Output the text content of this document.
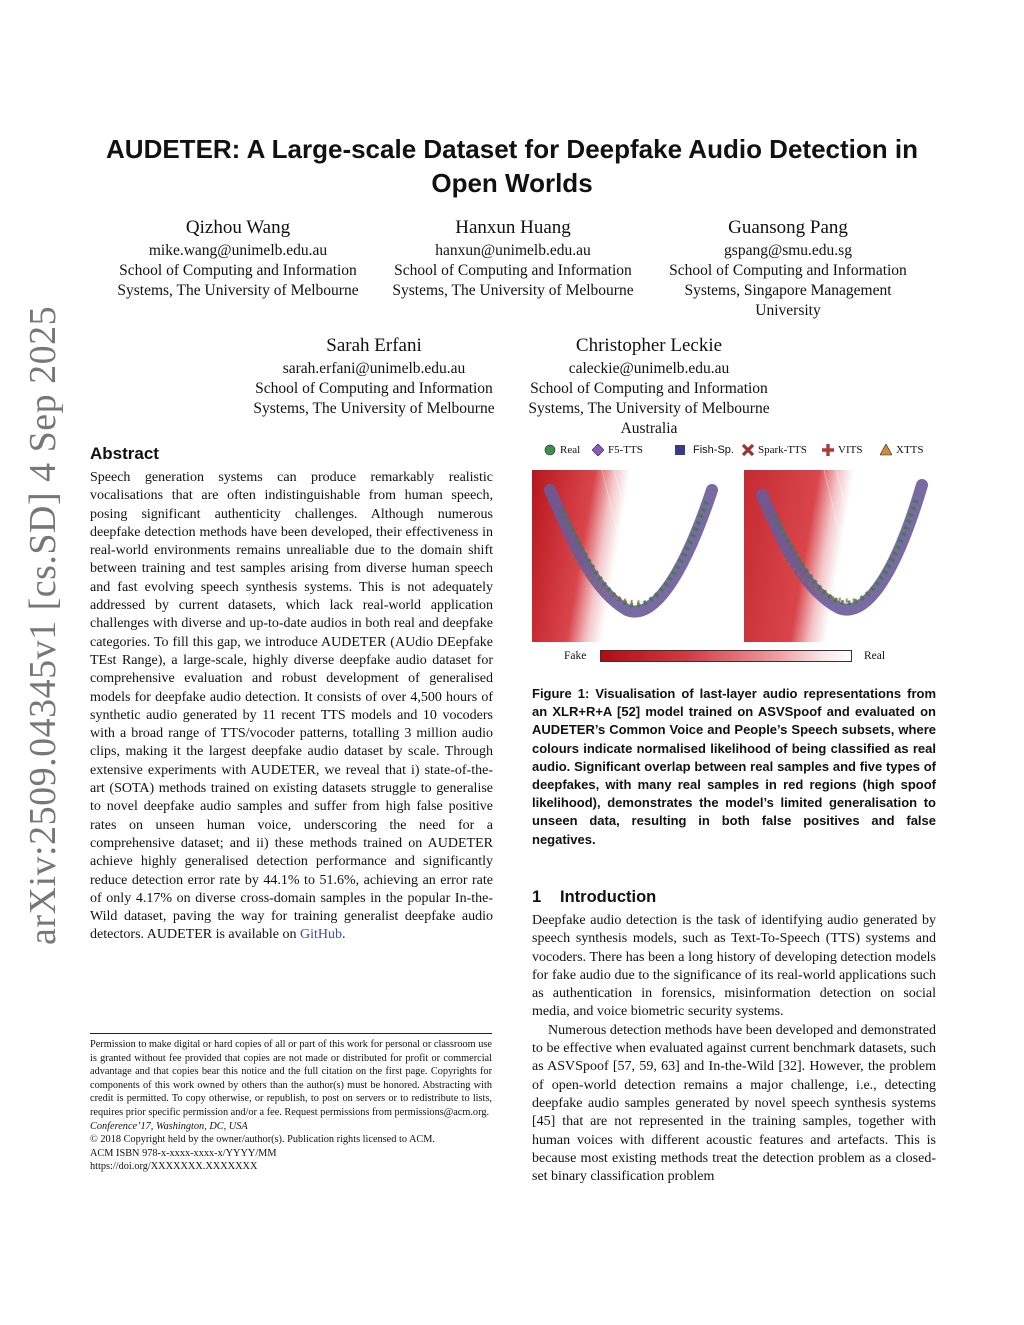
arXiv:2509.04345v1 [cs.SD] 4 Sep 2025
AUDETER: A Large-scale Dataset for Deepfake Audio Detection in
Open Worlds
Qizhou Wang
mike.wang@unimelb.edu.au
School of Computing and Information
Systems, The University of Melbourne
Hanxun Huang
hanxun@unimelb.edu.au
School of Computing and Information
Systems, The University of Melbourne
Guansong Pang
gspang@smu.edu.sg
School of Computing and Information
Systems, Singapore Management
University
Sarah Erfani
sarah.erfani@unimelb.edu.au
School of Computing and Information
Systems, The University of Melbourne
Christopher Leckie
caleckie@unimelb.edu.au
School of Computing and Information
Systems, The University of Melbourne
Australia
Abstract

Speech generation systems can produce remarkably realistic vocalisations that are often indistinguishable from human speech, posing significant authenticity challenges. Although numerous deepfake detection methods have been developed, their effectiveness in real-world environments remains unrealiable due to the domain shift between training and test samples arising from diverse human speech and fast evolving speech synthesis systems. This is not adequately addressed by current datasets, which lack real-world application challenges with diverse and up-to-date audios in both real and deepfake categories. To fill this gap, we introduce AUDETER (AUdio DEepfake TEst Range), a large-scale, highly diverse deepfake audio dataset for comprehensive evaluation and robust development of generalised models for deepfake audio detection. It consists of over 4,500 hours of synthetic audio generated by 11 recent TTS models and 10 vocoders with a broad range of TTS/vocoder patterns, totalling 3 million audio clips, making it the largest deepfake audio dataset by scale. Through extensive experiments with AUDETER, we reveal that i) state-of-the-art (SOTA) methods trained on existing datasets struggle to generalise to novel deepfake audio samples and suffer from high false positive rates on unseen human voice, underscoring the need for a comprehensive dataset; and ii) these methods trained on AUDETER achieve highly generalised detection performance and significantly reduce detection error rate by 44.1% to 51.6%, achieving an error rate of only 4.17% on diverse cross-domain samples in the popular In-the-Wild dataset, paving the way for training generalist deepfake audio detectors. AUDETER is available on GitHub.

Permission to make digital or hard copies of all or part of this work for personal or classroom use is granted without fee provided that copies are not made or distributed for profit or commercial advantage and that copies bear this notice and the full citation on the first page. Copyrights for components of this work owned by others than the author(s) must be honored. Abstracting with credit is permitted. To copy otherwise, or republish, to post on servers or to redistribute to lists, requires prior specific permission and/or a fee. Request permissions from permissions@acm.org.

Conference’17, Washington, DC, USA

© 2018 Copyright held by the owner/author(s). Publication rights licensed to ACM.

ACM ISBN 978-x-xxxx-xxxx-x/YYYY/MM

https://doi.org/XXXXXXX.XXXXXXX

Real	F5-TTS	Fish-Sp. Spark-TTS	VITS	XTTS
Fake	Real

Figure 1: Visualisation of last-layer audio representations from an XLR+R+A [52] model trained on ASVSpoof and evaluated on AUDETER’s Common Voice and People’s Speech subsets, where colours indicate normalised likelihood of being classified as real audio. Significant overlap between real samples and five types of deepfakes, with many real samples in red regions (high spoof likelihood), demonstrates the model’s limited generalisation to unseen data, resulting in both false positives and false negatives.

1 Introduction

Deepfake audio detection is the task of identifying audio generated by speech synthesis models, such as Text-To-Speech (TTS) systems and vocoders. There has been a long history of developing detection models for fake audio due to the significance of its real-world applications such as authentication in forensics, misinformation detection on social media, and voice biometric security systems.

Numerous detection methods have been developed and demonstrated to be effective when evaluated against current benchmark datasets, such as ASVSpoof [57, 59, 63] and In-the-Wild [32]. However, the problem of open-world detection remains a major challenge, i.e., detecting deepfake audio samples generated by novel speech synthesis systems [45] that are not represented in the training samples, together with human voices with different acoustic features and artefacts. This is because most existing methods treat the detection problem as a closed-set binary classification problem
